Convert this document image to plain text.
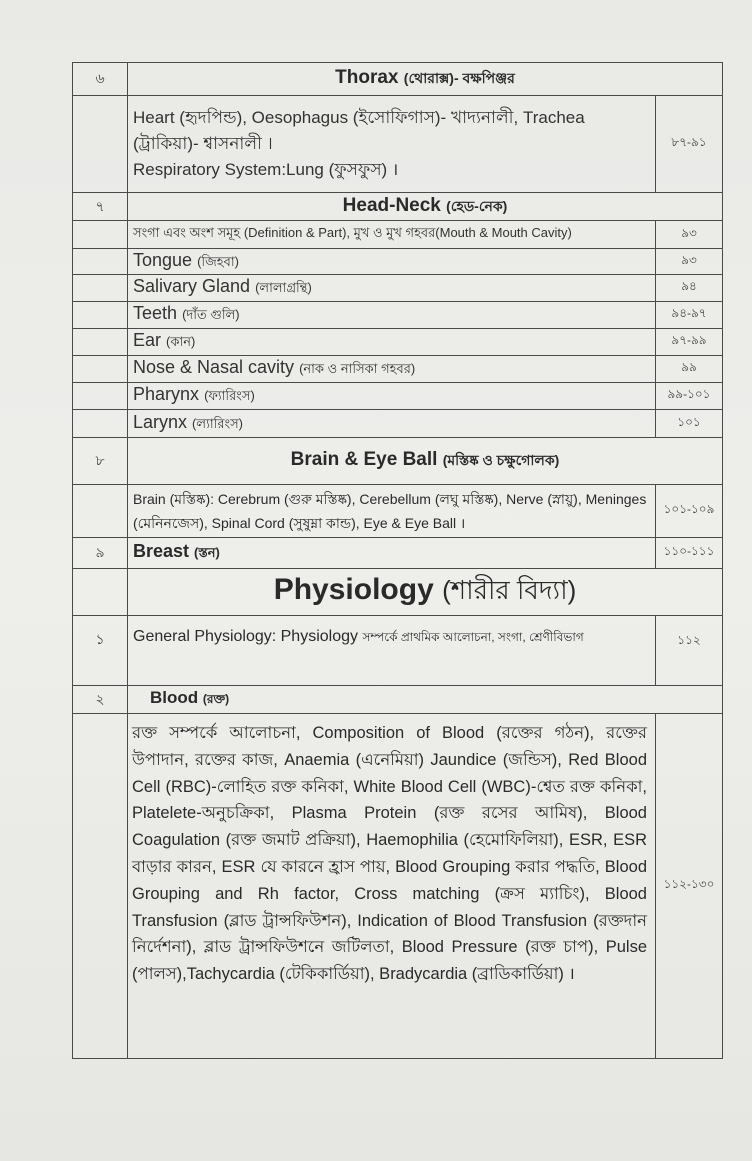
৬	Thorax (থোরাক্স)- বক্ষপিঞ্জর	

	Heart (হৃদপিন্ড), Oesophagus (ইসোফিগাস)- খাদ্যনালী, Trachea (ট্রাকিয়া)- শ্বাসনালী ।
Respiratory System:Lung (ফুসফুস) ।	৮৭-৯১
৭	Head-Neck (হেড-নেক)	
	সংগা এবং অংশ সমূহ (Definition & Part), মুখ ও মুখ গহবর(Mouth & Mouth Cavity)	৯৩
	Tongue (জিহবা)	৯৩
	Salivary Gland (লালাগ্রন্থি)	৯৪
	Teeth (দাঁত গুলি)	৯৪-৯৭
	Ear (কান)	৯৭-৯৯
	Nose & Nasal cavity (নাক ও নাসিকা গহবর)	৯৯
	Pharynx (ফ্যারিংস)	৯৯-১০১
	Larynx (ল্যারিংস)	১০১
৮	Brain & Eye Ball (মস্তিষ্ক ও চক্ষুগোলক)	
	Brain (মস্তিষ্ক): Cerebrum (গুরু মস্তিষ্ক), Cerebellum (লঘু মস্তিষ্ক), Nerve (স্নায়ু), Meninges (মেনিনজেস), Spinal Cord (সুষুম্না কান্ড), Eye & Eye Ball ।	১০১-১০৯
৯	Breast (স্তন)	১১০-১১১
	Physiology (শারীর বিদ্যা)	
১	General Physiology: Physiology সম্পর্কে প্রাথমিক আলোচনা, সংগা, শ্রেণীবিভাগ	১১২
২	Blood (রক্ত)	
	রক্ত সম্পর্কে আলোচনা, Composition of Blood (রক্তের গঠন), রক্তের উপাদান, রক্তের কাজ, Anaemia (এনেমিয়া) Jaundice (জন্ডিস), Red Blood Cell (RBC)-লোহিত রক্ত কনিকা, White Blood Cell (WBC)-শ্বেত রক্ত কনিকা, Platelete-অনুচক্রিকা, Plasma Protein (রক্ত রসের আমিষ), Blood Coagulation (রক্ত জমাট প্রক্রিয়া), Haemophilia (হেমোফিলিয়া), ESR, ESR বাড়ার কারন, ESR যে কারনে হ্রাস পায়, Blood Grouping করার পদ্ধতি, Blood Grouping and Rh factor, Cross matching (ক্রস ম্যাচিং), Blood Transfusion (ব্লাড ট্রান্সফিউশন), Indication of Blood Transfusion (রক্তদান নির্দেশনা), ব্লাড ট্রান্সফিউশনে জটিলতা, Blood Pressure (রক্ত চাপ), Pulse (পালস),Tachycardia (টেকিকার্ডিয়া), Bradycardia (ব্রাডিকার্ডিয়া) ।	১১২-১৩০
